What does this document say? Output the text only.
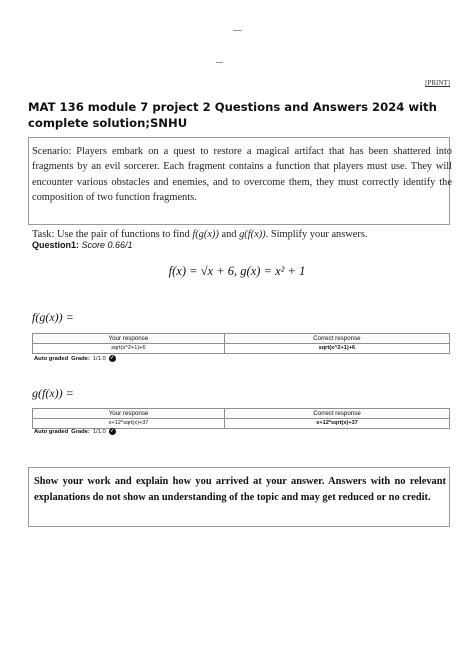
[PRINT]
MAT 136 module 7 project 2 Questions and Answers 2024 with complete solution;SNHU
Scenario: Players embark on a quest to restore a magical artifact that has been shattered into fragments by an evil sorcerer. Each fragment contains a function that players must use. They will encounter various obstacles and enemies, and to overcome them, they must correctly identify the composition of two function fragments.
Task: Use the pair of functions to find f(g(x)) and g(f(x)). Simplify your answers.
Question1: Score 0.66/1
f(x) = √x + 6, g(x) = x² + 1
f(g(x)) =
Your response	Correct response
sqrt(x^2+1)+6	sqrt(x^2+1)+6
Auto graded Grade: 1/1.0 ✓
g(f(x)) =
Your response	Correct response
x+12*sqrt(x)+37	x+12*sqrt(x)+37
Auto graded Grade: 1/1.0 ✓
Show your work and explain how you arrived at your answer. Answers with no relevant explanations do not show an understanding of the topic and may get reduced or no credit.
